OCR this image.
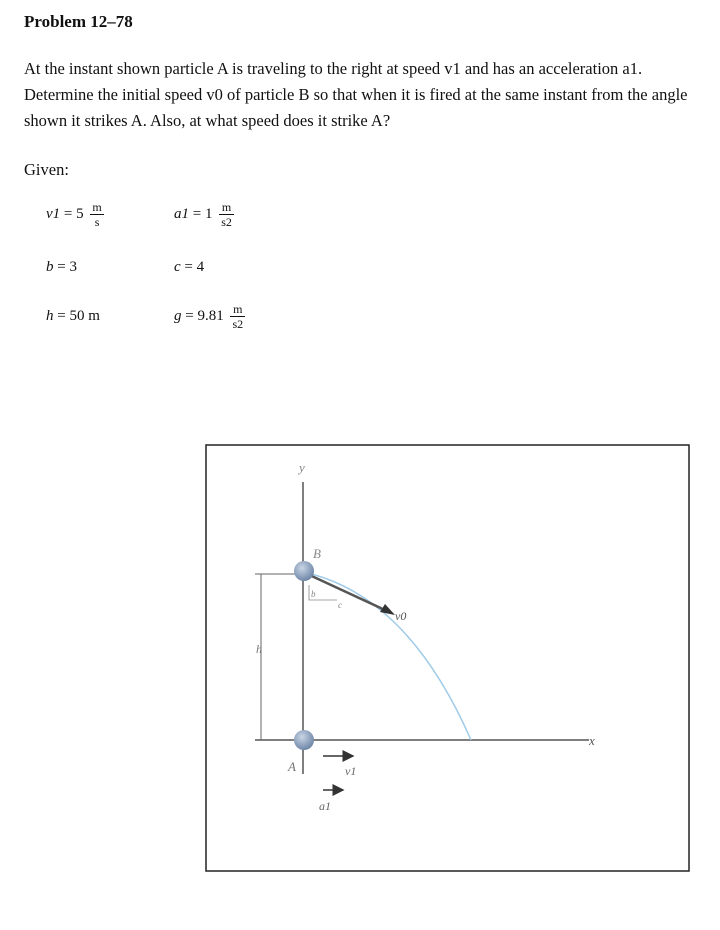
Problem 12–78
At the instant shown particle A is traveling to the right at speed v1 and has an acceleration a1. Determine the initial speed v0 of particle B so that when it is fired at the same instant from the angle shown it strikes A. Also, at what speed does it strike A?
Given:
$v1 = 5 \frac{m}{s}$	$a1 = 1 \frac{m}{s2}$
b = 3	c = 4
h = 50 m	$g = 9.81 \frac{m}{s2}$
y
x
h
v0
b
c
B
A	v1
a1
